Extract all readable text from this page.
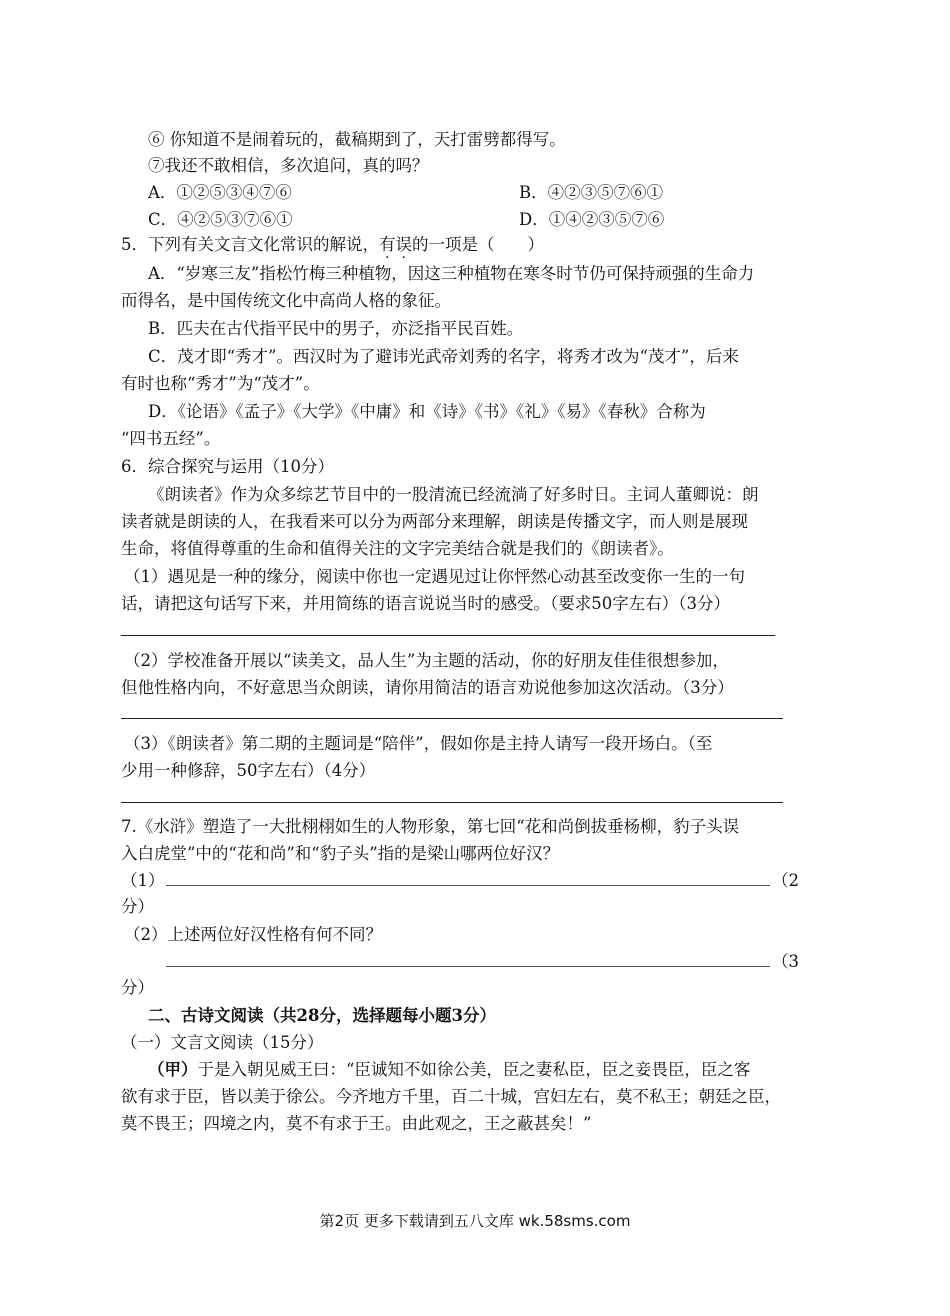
⑥ 你知道不是闹着玩的，截稿期到了，天打雷劈都得写。
⑦我还不敢相信，多次追问，真的吗？
A．①②⑤③④⑦⑥	B．④②③⑤⑦⑥①
C．④②⑤③⑦⑥①	D．①④②③⑤⑦⑥
5．下列有关文言文化常识的解说，有误的一项是（　　）
A．“岁寒三友”指松竹梅三种植物，因这三种植物在寒冬时节仍可保持顽强的生命力
而得名，是中国传统文化中高尚人格的象征。
B．匹夫在古代指平民中的男子，亦泛指平民百姓。
C．茂才即“秀才”。西汉时为了避讳光武帝刘秀的名字，将秀才改为“茂才”，后来
有时也称“秀才”为“茂才”。
D．《论语》《孟子》《大学》《中庸》和《诗》《书》《礼》《易》《春秋》合称为
“四书五经”。
6．综合探究与运用（10分）
《朗读者》作为众多综艺节目中的一股清流已经流淌了好多时日。主词人董卿说：朗
读者就是朗读的人，在我看来可以分为两部分来理解，朗读是传播文字，而人则是展现
生命，将值得尊重的生命和值得关注的文字完美结合就是我们的《朗读者》。
（1）遇见是一种的缘分，阅读中你也一定遇见过让你怦然心动甚至改变你一生的一句
话，请把这句话写下来，并用简练的语言说说当时的感受。（要求50字左右）（3分）
（2）学校准备开展以“读美文，品人生”为主题的活动，你的好朋友佳佳很想参加，
但他性格内向，不好意思当众朗读，请你用简洁的语言劝说他参加这次活动。（3分）
（3）《朗读者》第二期的主题词是“陪伴”，假如你是主持人请写一段开场白。（至
少用一种修辞，50字左右）（4分）
7.《水浒》塑造了一大批栩栩如生的人物形象，第七回“花和尚倒拔垂杨柳，豹子头误
入白虎堂”中的“花和尚”和“豹子头”指的是梁山哪两位好汉？
（1）	（2
分）
（2）上述两位好汉性格有何不同？
（3
分）
二、古诗文阅读（共28分，选择题每小题3分）
（一）文言文阅读（15分）
（甲）于是入朝见威王曰：“臣诚知不如徐公美，臣之妻私臣，臣之妾畏臣，臣之客
欲有求于臣，皆以美于徐公。今齐地方千里，百二十城，宫妇左右，莫不私王；朝廷之臣，
莫不畏王；四境之内，莫不有求于王。由此观之，王之蔽甚矣！”
第2页 更多下载请到五八文库 wk.58sms.com
